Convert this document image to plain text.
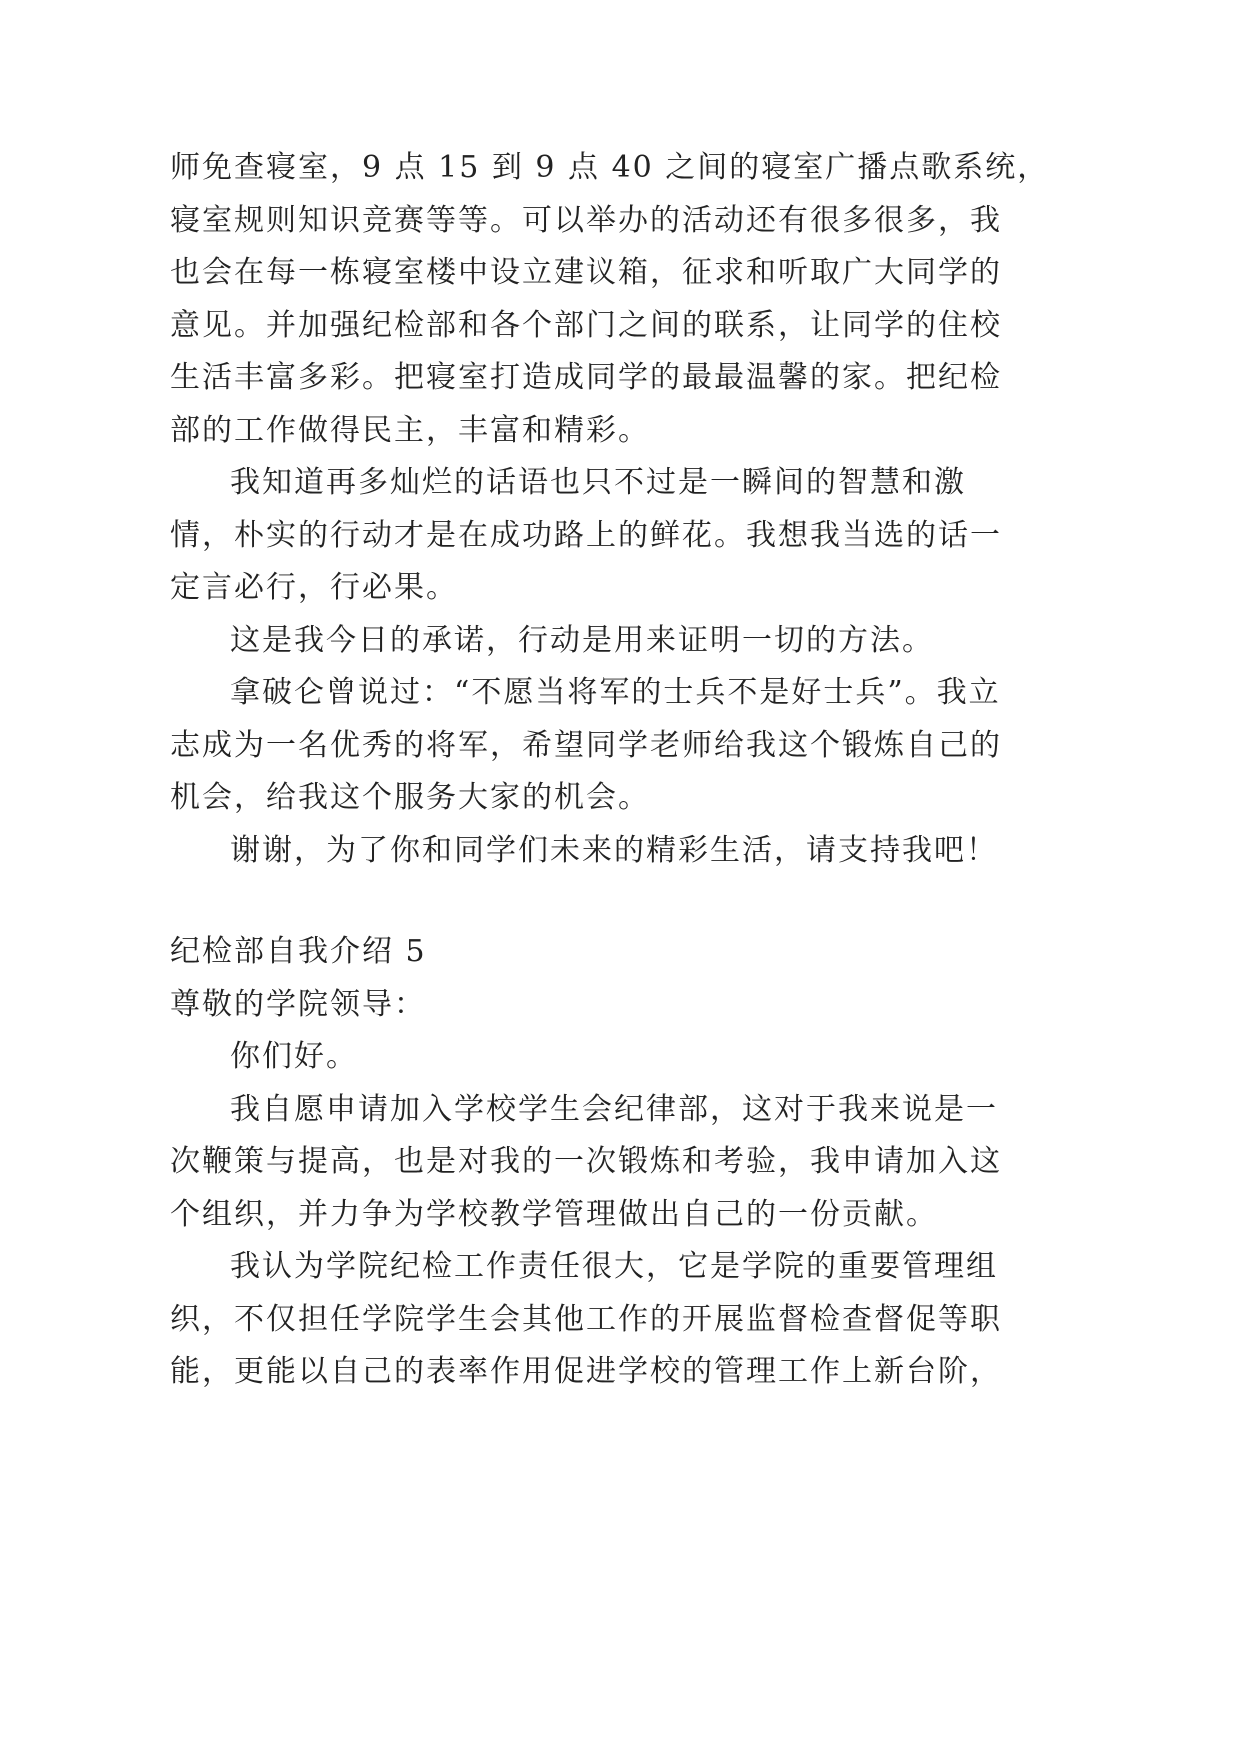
师免查寝室，9 点 15 到 9 点 40 之间的寝室广播点歌系统，
寝室规则知识竞赛等等。可以举办的活动还有很多很多，我
也会在每一栋寝室楼中设立建议箱，征求和听取广大同学的
意见。并加强纪检部和各个部门之间的联系，让同学的住校
生活丰富多彩。把寝室打造成同学的最最温馨的家。把纪检
部的工作做得民主，丰富和精彩。
我知道再多灿烂的话语也只不过是一瞬间的智慧和激
情，朴实的行动才是在成功路上的鲜花。我想我当选的话一
定言必行，行必果。
这是我今日的承诺，行动是用来证明一切的方法。
拿破仑曾说过：“不愿当将军的士兵不是好士兵”。我立
志成为一名优秀的将军，希望同学老师给我这个锻炼自己的
机会，给我这个服务大家的机会。
谢谢，为了你和同学们未来的精彩生活，请支持我吧！
纪检部自我介绍 5
尊敬的学院领导：
你们好。
我自愿申请加入学校学生会纪律部，这对于我来说是一
次鞭策与提高，也是对我的一次锻炼和考验，我申请加入这
个组织，并力争为学校教学管理做出自己的一份贡献。
我认为学院纪检工作责任很大，它是学院的重要管理组
织，不仅担任学院学生会其他工作的开展监督检查督促等职
能，更能以自己的表率作用促进学校的管理工作上新台阶，
